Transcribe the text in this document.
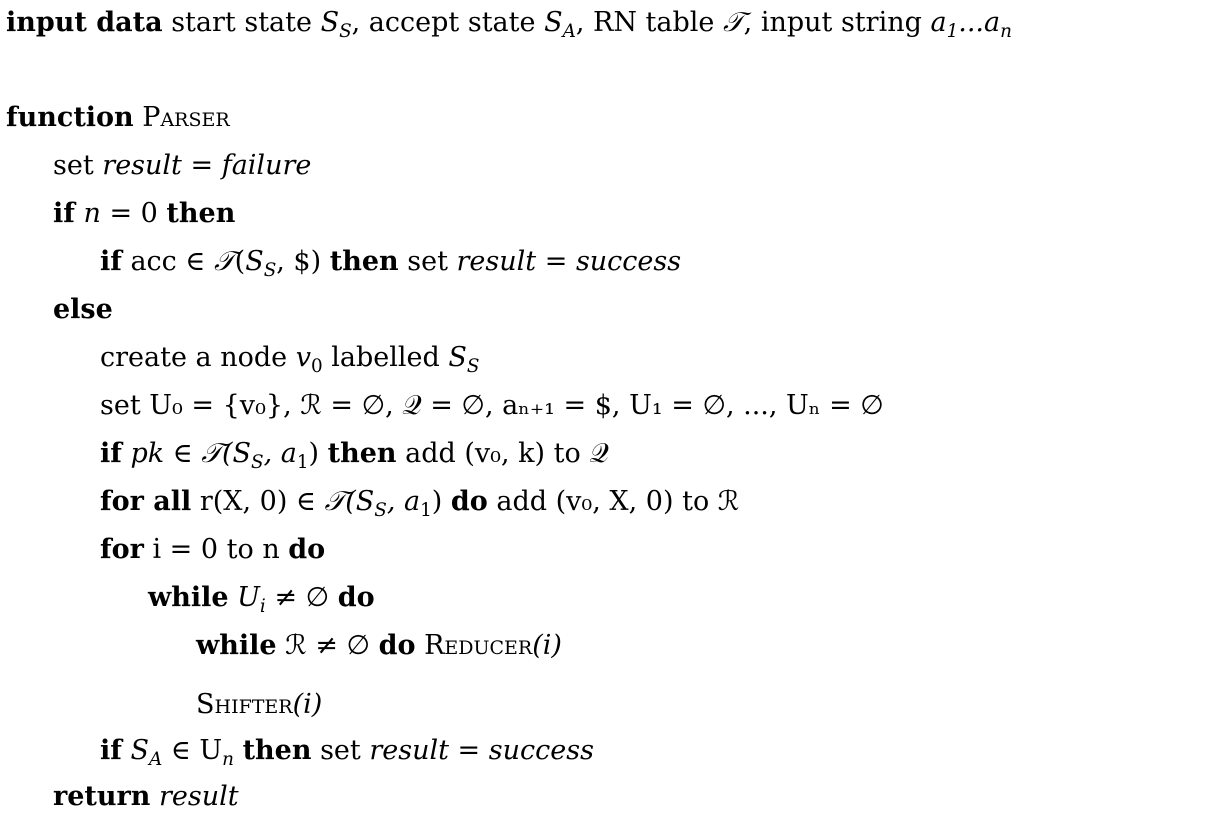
input data start state $S_S$, accept state $S_A$, RN table 𝒯, input string $a_1...a_n$
function Parser
set result = failure
if n = 0 then
if acc ∈ $𝒯(S_S$, $) then set result = success
else
create a node $v_0$ labelled $S_S$
set U₀ = {v₀}, ℛ = ∅, 𝒬 = ∅, aₙ₊₁ = $, U₁ = ∅, ..., Uₙ = ∅
if pk ∈ $𝒯(S_S$, $a_1$) then add (v₀, k) to 𝒬
for all r(X, 0) ∈ $𝒯(S_S$, $a_1$) do add (v₀, X, 0) to ℛ
for i = 0 to n do
while $U_i$ ≠ ∅ do
while ℛ ≠ ∅ do Reducer(i)
Shifter(i)
if $S_A$ ∈ $U_n$ then set result = success
return result
